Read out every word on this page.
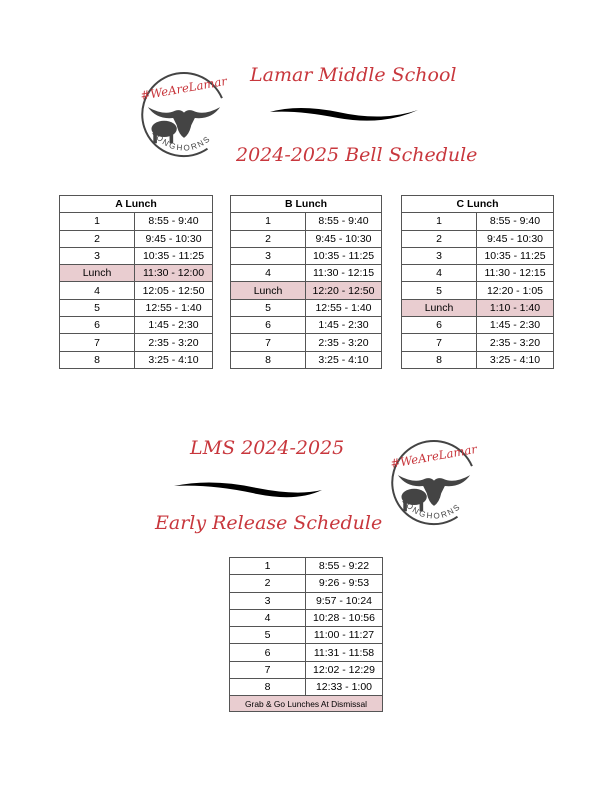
#WeAreLamar
LONGHORNS
Lamar Middle School
2024-2025 Bell Schedule
A Lunch	
1	8:55 - 9:40
2	9:45 - 10:30
3	10:35 - 11:25
Lunch	11:30 - 12:00
4	12:05 - 12:50
5	12:55 - 1:40
6	1:45 - 2:30
7	2:35 - 3:20
8	3:25 - 4:10
B Lunch	
1	8:55 - 9:40
2	9:45 - 10:30
3	10:35 - 11:25
4	11:30 - 12:15
Lunch	12:20 - 12:50
5	12:55 - 1:40
6	1:45 - 2:30
7	2:35 - 3:20
8	3:25 - 4:10
C Lunch	
1	8:55 - 9:40
2	9:45 - 10:30
3	10:35 - 11:25
4	11:30 - 12:15
5	12:20 - 1:05
Lunch	1:10 - 1:40
6	1:45 - 2:30
7	2:35 - 3:20
8	3:25 - 4:10
LMS 2024-2025
Early Release Schedule
#WeAreLamar
LONGHORNS
1	8:55 - 9:22
2	9:26 - 9:53
3	9:57 - 10:24
4	10:28 - 10:56
5	11:00 - 11:27
6	11:31 - 11:58
7	12:02 - 12:29
8	12:33 - 1:00
Grab & Go Lunches At Dismissal	
